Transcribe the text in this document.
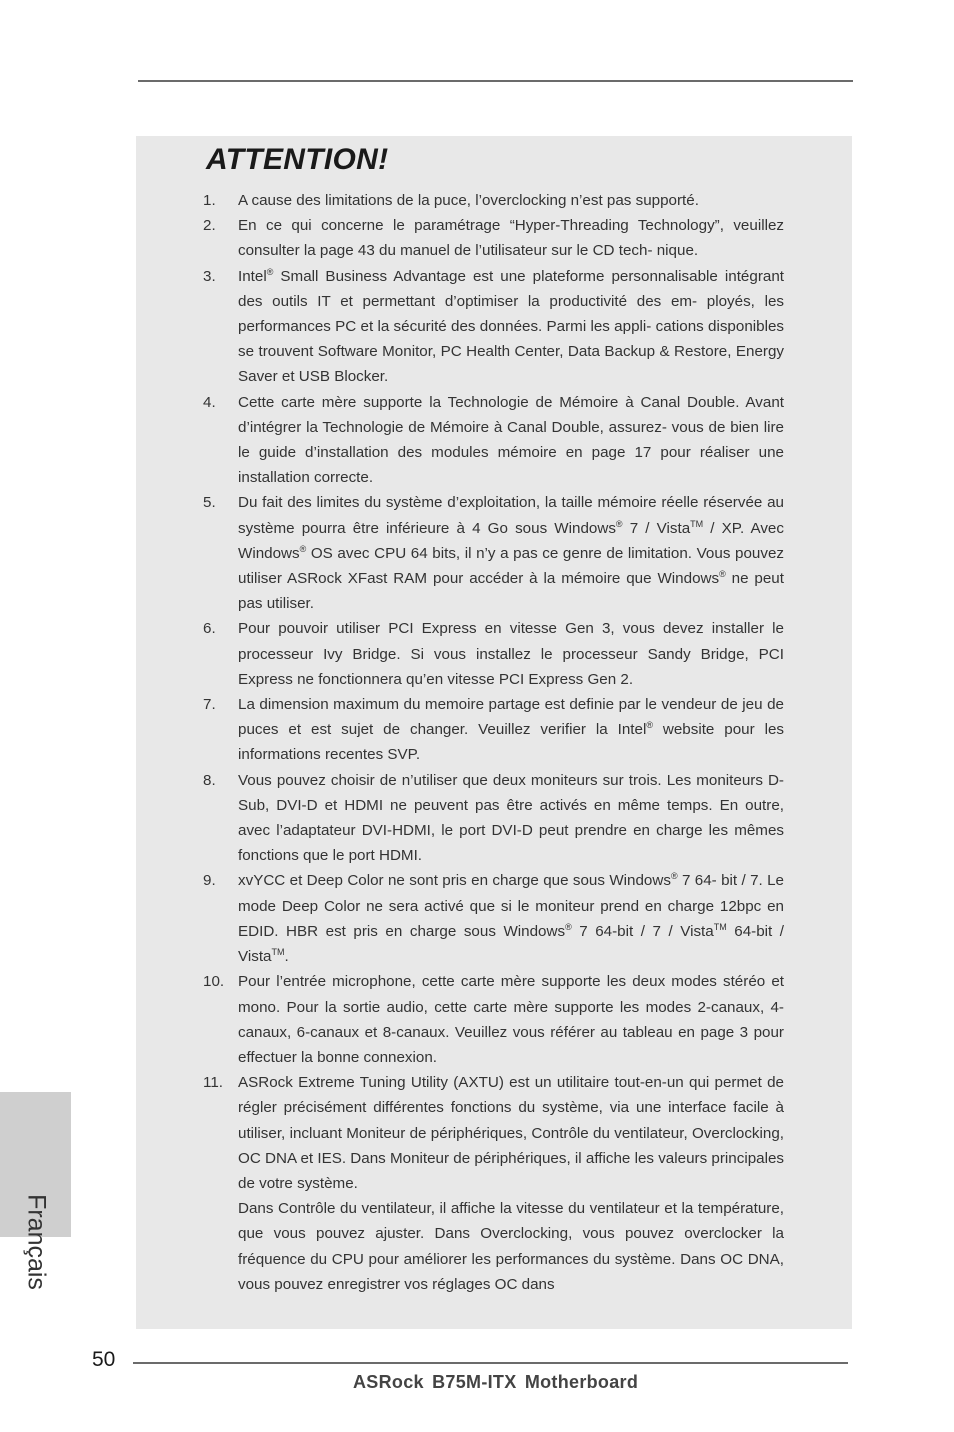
ATTENTION!
1.	A cause des limitations de la puce, l’overclocking n’est pas supporté.

2.	En ce qui concerne le paramétrage “Hyper-Threading Technology”, veuillez consulter la page 43 du manuel de l’utilisateur sur le CD tech- nique.

3.	Intel® Small Business Advantage est une plateforme personnalisable intégrant des outils IT et permettant d’optimiser la productivité des em- ployés, les performances PC et la sécurité des données. Parmi les appli- cations disponibles se trouvent Software Monitor, PC Health Center, Data Backup & Restore, Energy Saver et USB Blocker.

4.	Cette carte mère supporte la Technologie de Mémoire à Canal Double. Avant d’intégrer la Technologie de Mémoire à Canal Double, assurez- vous de bien lire le guide d’installation des modules mémoire en page 17 pour réaliser une installation correcte.

5.	Du fait des limites du système d’exploitation, la taille mémoire réelle réservée au système pourra être inférieure à 4 Go sous Windows® 7 / Vista™ / XP. Avec Windows® OS avec CPU 64 bits, il n’y a pas ce genre de limitation. Vous pouvez utiliser ASRock XFast RAM pour accéder à la mémoire que Windows® ne peut pas utiliser.

6.	Pour pouvoir utiliser PCI Express en vitesse Gen 3, vous devez installer le processeur Ivy Bridge. Si vous installez le processeur Sandy Bridge, PCI Express ne fonctionnera qu’en vitesse PCI Express Gen 2.

7.	La dimension maximum du memoire partage est definie par le vendeur de jeu de puces et est sujet de changer. Veuillez verifier la Intel® website pour les informations recentes SVP.

8.	Vous pouvez choisir de n’utiliser que deux moniteurs sur trois. Les moniteurs D-Sub, DVI-D et HDMI ne peuvent pas être activés en même temps. En outre, avec l’adaptateur DVI-HDMI, le port DVI-D peut prendre en charge les mêmes fonctions que le port HDMI.

9.	xvYCC et Deep Color ne sont pris en charge que sous Windows® 7 64- bit / 7. Le mode Deep Color ne sera activé que si le moniteur prend en charge 12bpc en EDID. HBR est pris en charge sous Windows® 7 64-bit / 7 / Vista™ 64-bit / Vista™.

10. Pour l’entrée microphone, cette carte mère supporte les deux modes stéréo et mono. Pour la sortie audio, cette carte mère supporte les modes 2-canaux, 4-canaux, 6-canaux et 8-canaux. Veuillez vous référer au tableau en page 3 pour effectuer la bonne connexion.

11. ASRock Extreme Tuning Utility (AXTU) est un utilitaire tout-en-un qui permet de régler précisément différentes fonctions du système, via une interface facile à utiliser, incluant Moniteur de périphériques, Contrôle du ventilateur, Overclocking, OC DNA et IES. Dans Moniteur de périphériques, il affiche les valeurs principales de votre système.

Dans Contrôle du ventilateur, il affiche la vitesse du ventilateur et la température, que vous pouvez ajuster. Dans Overclocking, vous pouvez overclocker la fréquence du CPU pour améliorer les performances du système. Dans OC DNA, vous pouvez enregistrer vos réglages OC dans

Français
50
ASRock B75M-ITX Motherboard
